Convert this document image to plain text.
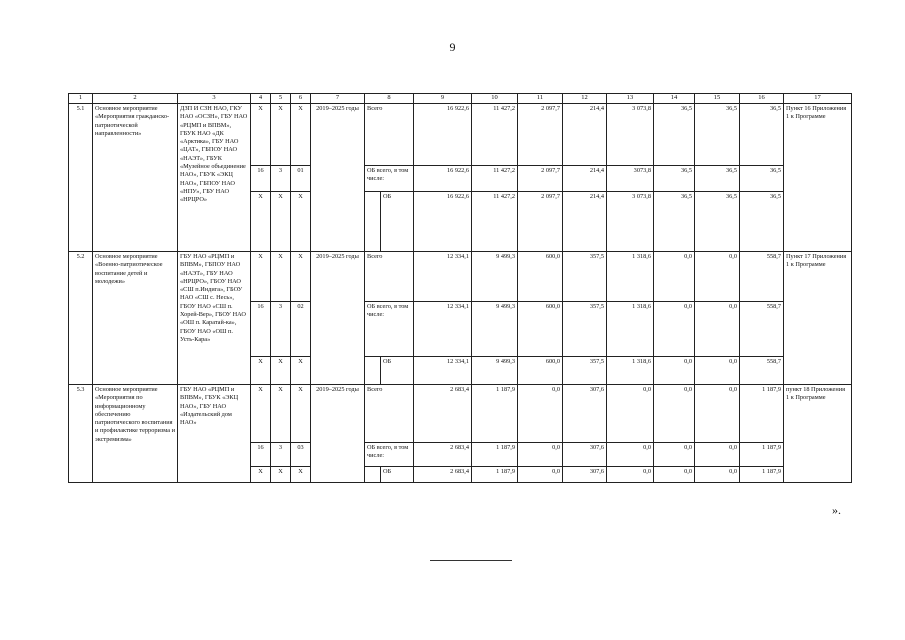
9
1	2	3	4	5	6	7	8		9	10	11	12	13	14	15	16	17
5.1	Основное мероприятие «Мероприятия гражданско-патриотической направленности»	ДЗП И СЗН НАО, ГКУ НАО «ОСЗН», ГБУ НАО «РЦМП и ВПВМ», ГБУК НАО «ДК «Арктика», ГБУ НАО «ЦАТ», ГБПОУ НАО «НАЭТ», ГБУК «Музейное объединение НАО», ГБУК «ЭКЦ НАО», ГБПОУ НАО «НПУ», ГБУ НАО «НРЦРО»	Х	Х	Х	2019–2025 годы	Всего		16 922,6	11 427,2	2 097,7	214,4	3 073,8	36,5	36,5	36,5	Пункт 16 Приложения 1 к Программе
			16	3	01		ОБ всего, в том числе:		16 922,6	11 427,2	2 097,7	214,4	3073,8	36,5	36,5	36,5	
			Х	Х	Х			ОБ	16 922,6	11 427,2	2 097,7	214,4	3 073,8	36,5	36,5	36,5	
5.2	Основное мероприятие «Военно-патриотическое воспитание детей и молодежи»	ГБУ НАО «РЦМП и ВПВМ», ГБПОУ НАО «НАЭТ», ГБУ НАО «НРЦРО», ГБОУ НАО «СШ п.Индига», ГБОУ НАО «СШ с. Несь», ГБОУ НАО «СШ п. Хорей-Вер», ГБОУ НАО «ОШ п. Каратай-ка», ГБОУ НАО «ОШ п. Усть-Кара»	Х	Х	Х	2019–2025 годы	Всего		12 334,1	9 499,3	600,0	357,5	1 318,6	0,0	0,0	558,7	Пункт 17 Приложения 1 к Программе
			16	3	02		ОБ всего, в том числе:		12 334,1	9 499,3	600,0	357,5	1 318,6	0,0	0,0	558,7	
			Х	Х	Х			ОБ	12 334,1	9 499,3	600,0	357,5	1 318,6	0,0	0,0	558,7	
5.3	Основное мероприятие «Мероприятия по информационному обеспечению патриотического воспитания и профилактике терроризма и экстремизма»	ГБУ НАО «РЦМП и ВПВМ», ГБУК «ЭКЦ НАО», ГБУ НАО «Издательский дом НАО»	Х	Х	Х	2019–2025 годы	Всего		2 683,4	1 187,9	0,0	307,6	0,0	0,0	0,0	1 187,9	пункт 18 Приложения 1 к Программе
			16	3	03		ОБ всего, в том числе:		2 683,4	1 187,9	0,0	307,6	0,0	0,0	0,0	1 187,9	
			Х	Х	Х			ОБ	2 683,4	1 187,9	0,0	307,6	0,0	0,0	0,0	1 187,9	
».
